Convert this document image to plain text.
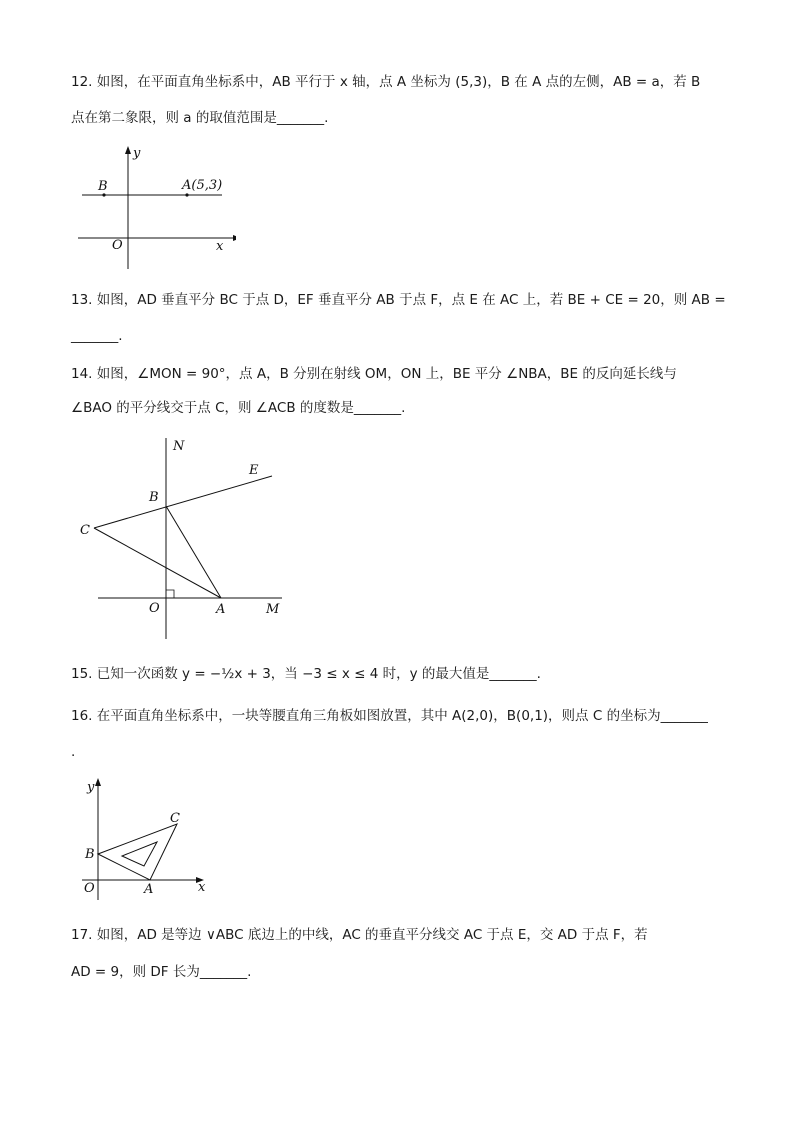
12. 如图，在平面直角坐标系中，AB 平行于 x 轴，点 A 坐标为 (5,3)，B 在 A 点的左侧，AB = a，若 B
点在第二象限，则 a 的取值范围是_______.
y
B	A(5,3)
O	x
13. 如图，AD 垂直平分 BC 于点 D，EF 垂直平分 AB 于点 F，点 E 在 AC 上，若 BE + CE = 20，则 AB =
_______.
14. 如图，∠MON = 90°，点 A，B 分别在射线 OM，ON 上，BE 平分 ∠NBA，BE 的反向延长线与
∠BAO 的平分线交于点 C，则 ∠ACB 的度数是_______.
N
E
B
C
O	A	M
15. 已知一次函数 y = −½x + 3，当 −3 ≤ x ≤ 4 时，y 的最大值是_______.
16. 在平面直角坐标系中，一块等腰直角三角板如图放置，其中 A(2,0)，B(0,1)，则点 C 的坐标为_______
.
y
C
B
O	A	x
17. 如图，AD 是等边 ∨ABC 底边上的中线，AC 的垂直平分线交 AC 于点 E，交 AD 于点 F，若
AD = 9，则 DF 长为_______.
